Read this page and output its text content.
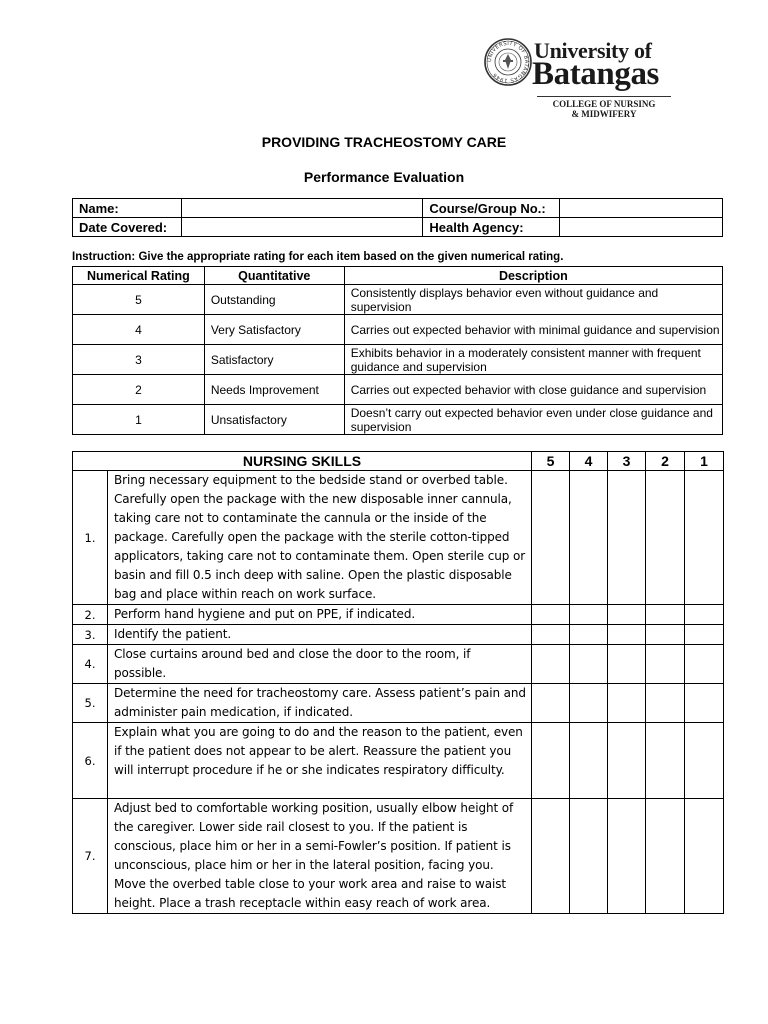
UNIVERSITY OF BATANGAS 1946
University of
Batangas
COLLEGE OF NURSING
& MIDWIFERY
PROVIDING TRACHEOSTOMY CARE
Performance Evaluation
Name:		Course/Group No.:	
Date Covered:		Health Agency:	
Instruction: Give the appropriate rating for each item based on the given numerical rating.
Numerical Rating	Quantitative	Description
5	Outstanding	Consistently displays behavior even without guidance and supervision
4	Very Satisfactory	Carries out expected behavior with minimal guidance and supervision
3	Satisfactory	Exhibits behavior in a moderately consistent manner with frequent guidance and supervision
2	Needs Improvement	Carries out expected behavior with close guidance and supervision
1	Unsatisfactory	Doesn’t carry out expected behavior even under close guidance and supervision
NURSING SKILLS		5	4	3	2	1
1.	Bring necessary equipment to the bedside stand or overbed table. Carefully open the package with the new disposable inner cannula, taking care not to contaminate the cannula or the inside of the package. Carefully open the package with the sterile cotton-tipped applicators, taking care not to contaminate them. Open sterile cup or basin and fill 0.5 inch deep with saline. Open the plastic disposable bag and place within reach on work surface.					
2.	Perform hand hygiene and put on PPE, if indicated.					
3.	Identify the patient.					
4.	Close curtains around bed and close the door to the room, if possible.					
5.	Determine the need for tracheostomy care. Assess patient’s pain and administer pain medication, if indicated.					
6.	Explain what you are going to do and the reason to the patient, even if the patient does not appear to be alert. Reassure the patient you will interrupt procedure if he or she indicates respiratory difficulty.					
7.	Adjust bed to comfortable working position, usually elbow height of the caregiver. Lower side rail closest to you. If the patient is conscious, place him or her in a semi-Fowler’s position. If patient is unconscious, place him or her in the lateral position, facing you. Move the overbed table close to your work area and raise to waist height. Place a trash receptacle within easy reach of work area.					
